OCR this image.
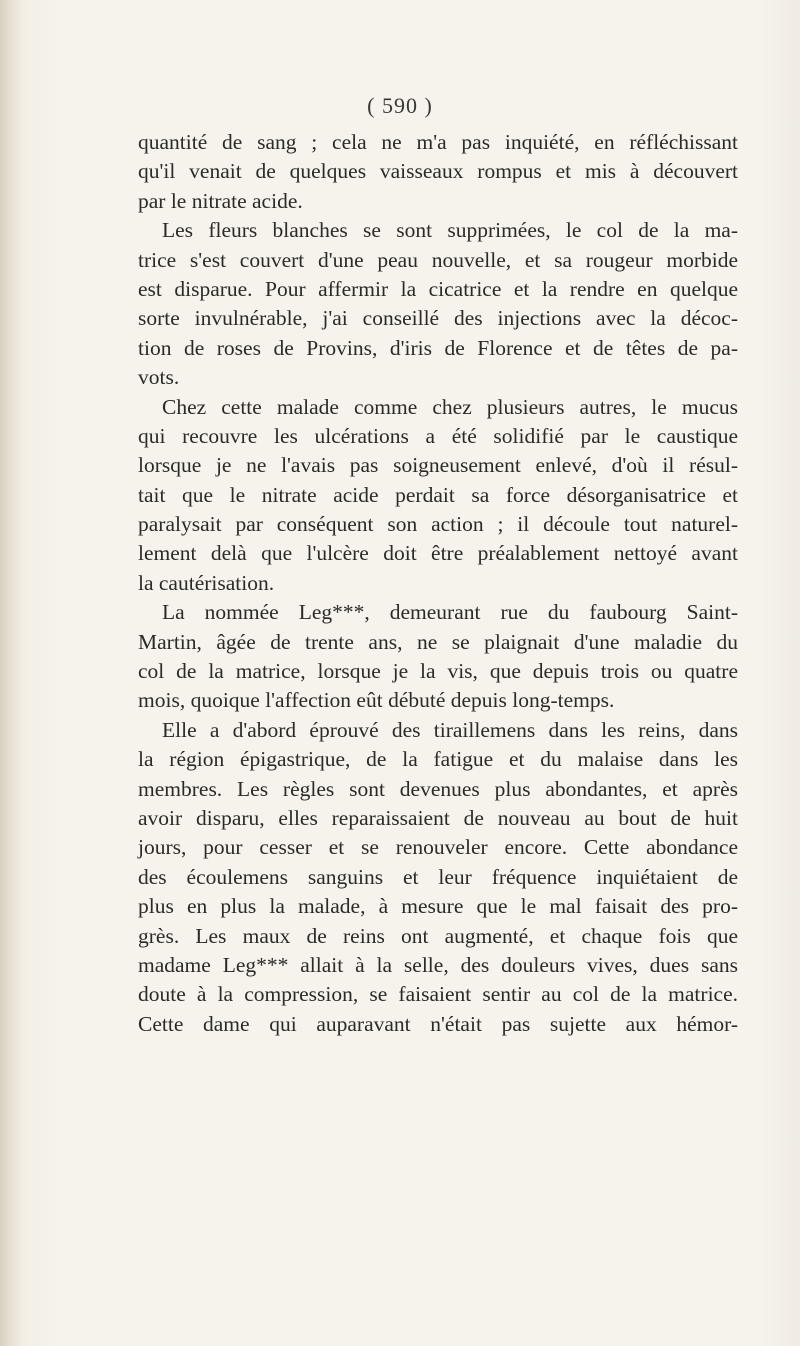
( 590 )
quantité de sang ; cela ne m'a pas inquiété, en réfléchissant
qu'il venait de quelques vaisseaux rompus et mis à découvert
par le nitrate acide.
Les fleurs blanches se sont supprimées, le col de la ma-
trice s'est couvert d'une peau nouvelle, et sa rougeur morbide
est disparue. Pour affermir la cicatrice et la rendre en quelque
sorte invulnérable, j'ai conseillé des injections avec la décoc-
tion de roses de Provins, d'iris de Florence et de têtes de pa-
vots.
Chez cette malade comme chez plusieurs autres, le mucus
qui recouvre les ulcérations a été solidifié par le caustique
lorsque je ne l'avais pas soigneusement enlevé, d'où il résul-
tait que le nitrate acide perdait sa force désorganisatrice et
paralysait par conséquent son action ; il découle tout naturel-
lement delà que l'ulcère doit être préalablement nettoyé avant
la cautérisation.
La nommée Leg***, demeurant rue du faubourg Saint-
Martin, âgée de trente ans, ne se plaignait d'une maladie du
col de la matrice, lorsque je la vis, que depuis trois ou quatre
mois, quoique l'affection eût débuté depuis long-temps.
Elle a d'abord éprouvé des tiraillemens dans les reins, dans
la région épigastrique, de la fatigue et du malaise dans les
membres. Les règles sont devenues plus abondantes, et après
avoir disparu, elles reparaissaient de nouveau au bout de huit
jours, pour cesser et se renouveler encore. Cette abondance
des écoulemens sanguins et leur fréquence inquiétaient de
plus en plus la malade, à mesure que le mal faisait des pro-
grès. Les maux de reins ont augmenté, et chaque fois que
madame Leg*** allait à la selle, des douleurs vives, dues sans
doute à la compression, se faisaient sentir au col de la matrice.
Cette dame qui auparavant n'était pas sujette aux hémor-
